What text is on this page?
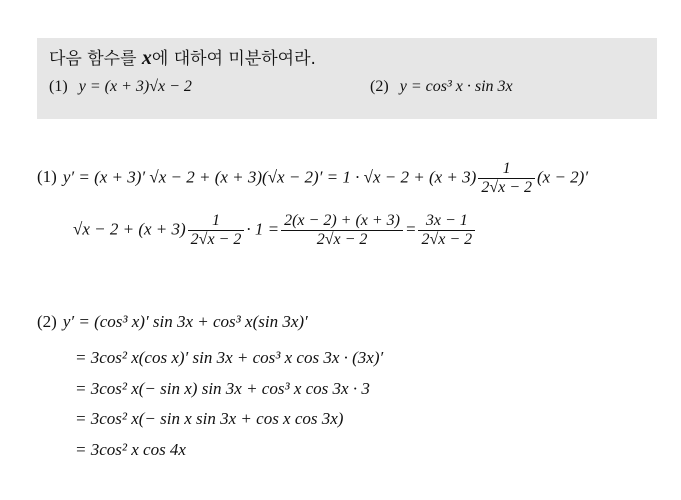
다음 함수를 x에 대하여 미분하여라.
(1) y = (x + 3)√x − 2	(2) y = cos³ x · sin 3x
(1) y′ = (x + 3)′ $√x - 2 + (x + 3)(√x - 2)' = 1 \cdot √x - 2 + (x + 3) \frac{1}{2√x - 2} (x - 2)'$
$√x - 2 + (x + 3) \frac{1}{2√x - 2} \cdot 1 = \frac{2(x - 2) + (x + 3)}{2√x - 2} = \frac{3x - 1}{2√x - 2}$
(2) y′ = (cos³ x)′ sin 3x + cos³ x(sin 3x)′
= 3cos² x(cos x)′ sin 3x + cos³ x cos 3x · (3x)′
= 3cos² x(− sin x) sin 3x + cos³ x cos 3x · 3
= 3cos² x(− sin x sin 3x + cos x cos 3x)
= 3cos² x cos 4x
